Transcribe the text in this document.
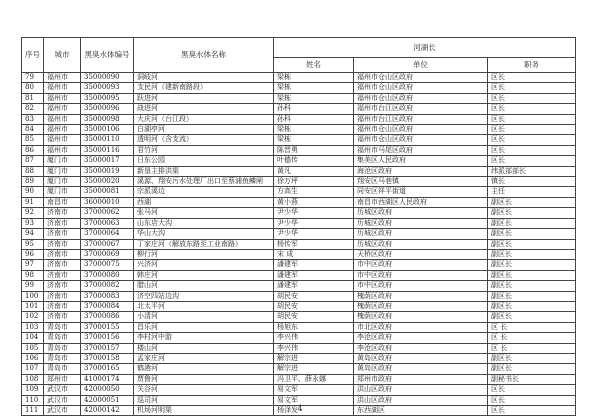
序号	城市	黑臭水体编号	黑臭水体名称	河湖长		
				姓名	单位	职务
79	福州市	35000090	洞岐河	梁栋	福州市仓山区政府	区长
80	福州市	35000093	支民河（建新南路段）	梁栋	福州市仓山区政府	区长
81	福州市	35000095	跃进河	梁栋	福州市仓山区政府	区长
82	福州市	35000096	战进河	孙科	福州市台江区政府	区长
83	福州市	35000098	大庆河（台江段）	孙科	福州市台江区政府	区长
84	福州市	35000106	白湖亭河	梁栋	福州市仓山区政府	区长
85	福州市	35000110	透明河（含支流）	梁栋	福州市仓山区政府	区长
86	福州市	35000116	君竹河	陈晋勇	福州市马尾区政府	区长
87	厦门市	35000017	日东公园	叶德传	集美区人民政府	区长
88	厦门市	35000019	新垦主排洪渠	黄凡	海沧区政府	纬派部部长
89	厦门市	35000020	溪源、翔安污水处理厂出口至蔡浦鱼鳞闸	徐万坪	翔安区马巷镇	镇长
90	厦门市	35000081	宗派溪边	方高生	同安区祥平街道	主任
91	南昌市	36000010	西湖	黄小燕	南昌市西湖区人民政府	副区长
92	济南市	37000062	张马河	尹少华	历城区政府	副区长
93	济南市	37000063	山东店大沟	尹少华	历城区政府	副区长
94	济南市	37000064	华山大沟	尹少华	历城区政府	副区长
95	济南市	37000067	丁家庄河（解放东路至工业南路）	杨传军	历城区政府	副区长
96	济南市	37000069	柳行河	宋 成	天桥区政府	副区长
97	济南市	37000075	兴济河	潘建军	市中区政府	副区长
98	济南市	37000080	韩庄河	潘建军	市中区政府	副区长
99	济南市	37000082	腊山河	潘建军	市中区政府	副区长
100	济南市	37000083	济空四站边沟	胡民安	槐荫区政府	副区长
101	济南市	37000084	北太平河	胡民安	槐荫区政府	副区长
102	济南市	37000086	小清河	胡民安	槐荫区政府	副区长
103	青岛市	37000155	昌乐河	杨旭东	市北区政府	区 长
104	青岛市	37000156	李村河中游	李兴伟	李沧区政府	区 长
105	青岛市	37000157	楼山河	李兴伟	李沧区政府	区 长
106	青岛市	37000158	孟家庄河	解宗进	黄岛区政府	副区长
107	青岛市	37000165	鹤港河	解宗进	黄岛区政府	副区长
108	郑州市	41000174	贾鲁河	冯卫平、薛永娜	郑州市政府	副秘书长
109	武汉市	42000050	关谷河	易文军	洪山区政府	区长
110	武汉市	42000051	巡司河	易文军	洪山区政府	区长
111	武汉市	42000142	机场河明渠	杨泽发	东西湖区	区长
4
